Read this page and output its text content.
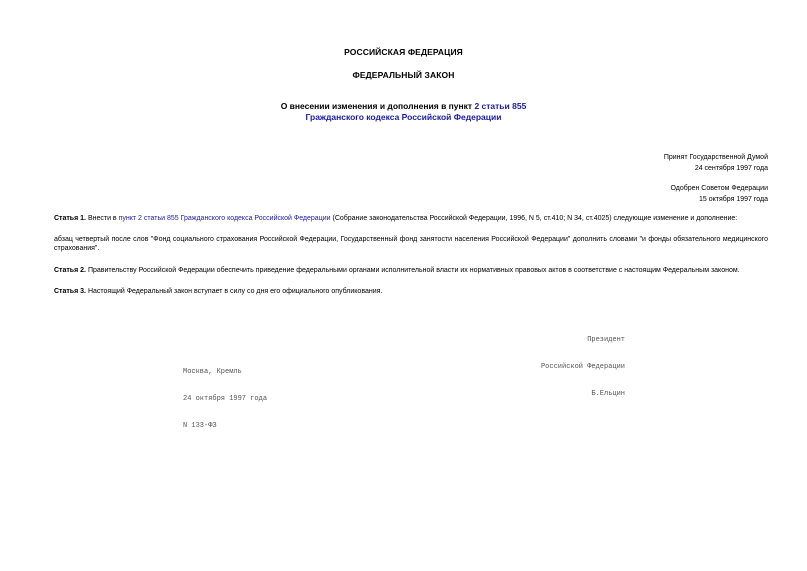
РОССИЙСКАЯ ФЕДЕРАЦИЯ
ФЕДЕРАЛЬНЫЙ ЗАКОН
О внесении изменения и дополнения в пункт 2 статьи 855
Гражданского кодекса Российской Федерации
Принят Государственной Думой
24 сентября 1997 года
Одобрен Советом Федерации
15 октября 1997 года
Статья 1. Внести в пункт 2 статьи 855 Гражданского кодекса Российской Федерации (Собрание законодательства Российской Федерации, 1996, N 5, ст.410; N 34, ст.4025) следующие изменение и дополнение:
абзац четвертый после слов "Фонд социального страхования Российской Федерации, Государственный фонд занятости населения Российской Федерации" дополнить словами "и фонды обязательного медицинского страхования".
Статья 2. Правительству Российской Федерации обеспечить приведение федеральными органами исполнительной власти их нормативных правовых актов в соответствие с настоящим Федеральным законом.
Статья 3. Настоящий Федеральный закон вступает в силу со дня его официального опубликования.

Президент

Российской Федерации

Б.Ельцин

Москва, Кремль

24 октября 1997 года

N 133-ФЗ
